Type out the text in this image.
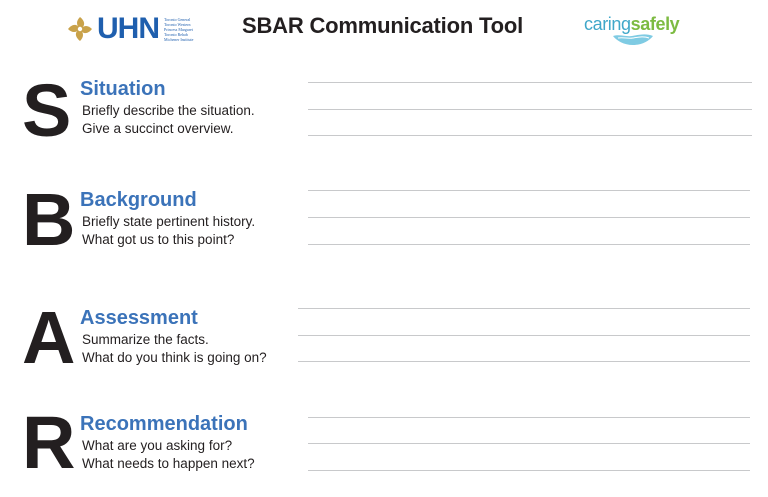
UHN Toronto General
Toronto Western
Princess Margaret
Toronto Rehab
Michener Institute
SBAR Communication Tool	caringsafely
S Situation
Briefly describe the situation.
Give a succinct overview.
B Background
Briefly state pertinent history.
What got us to this point?
A Assessment
Summarize the facts.
What do you think is going on?
R Recommendation
What are you asking for?
What needs to happen next?
